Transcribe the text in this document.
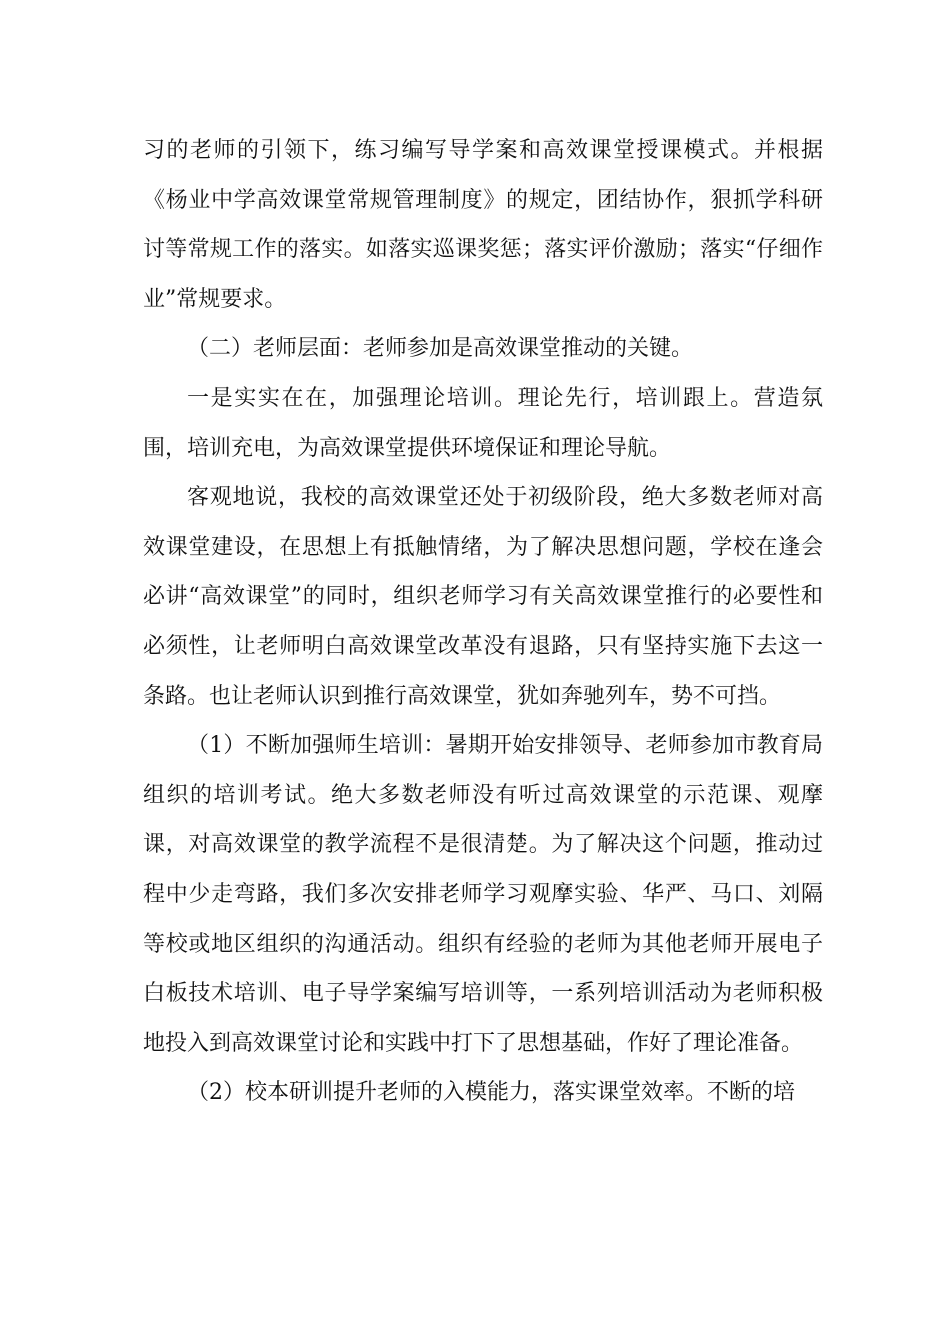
习的老师的引领下，练习编写导学案和高效课堂授课模式。并根据《杨业中学高效课堂常规管理制度》的规定，团结协作，狠抓学科研讨等常规工作的落实。如落实巡课奖惩；落实评价激励；落实“仔细作业”常规要求。

（二）老师层面：老师参加是高效课堂推动的关键。

一是实实在在，加强理论培训。理论先行，培训跟上。营造氛围，培训充电，为高效课堂提供环境保证和理论导航。

客观地说，我校的高效课堂还处于初级阶段，绝大多数老师对高效课堂建设，在思想上有抵触情绪，为了解决思想问题，学校在逢会必讲“高效课堂”的同时，组织老师学习有关高效课堂推行的必要性和必须性，让老师明白高效课堂改革没有退路，只有坚持实施下去这一条路。也让老师认识到推行高效课堂，犹如奔驰列车，势不可挡。

（1）不断加强师生培训：暑期开始安排领导、老师参加市教育局组织的培训考试。绝大多数老师没有听过高效课堂的示范课、观摩课，对高效课堂的教学流程不是很清楚。为了解决这个问题，推动过程中少走弯路，我们多次安排老师学习观摩实验、华严、马口、刘隔等校或地区组织的沟通活动。组织有经验的老师为其他老师开展电子白板技术培训、电子导学案编写培训等，一系列培训活动为老师积极地投入到高效课堂讨论和实践中打下了思想基础，作好了理论准备。

（2）校本研训提升老师的入模能力，落实课堂效率。不断的培
